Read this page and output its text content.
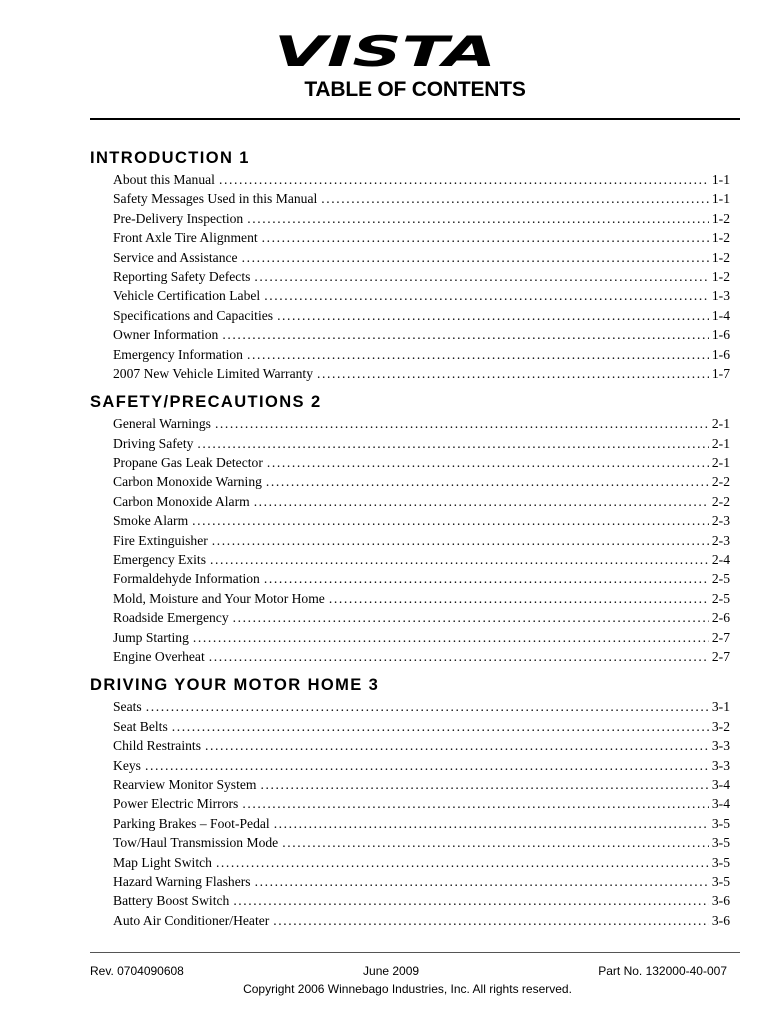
VISTA
TABLE OF CONTENTS
INTRODUCTION 1
About this Manual . . .	1-1
Safety Messages Used in this Manual . . .	1-1
Pre-Delivery Inspection . . .	1-2
Front Axle Tire Alignment . . .	1-2
Service and Assistance . . .	1-2
Reporting Safety Defects . . .	1-2
Vehicle Certification Label . . .	1-3
Specifications and Capacities . . .	1-4
Owner Information . . .	1-6
Emergency Information . . .	1-6
2007 New Vehicle Limited Warranty . . .	1-7
SAFETY/PRECAUTIONS 2
General Warnings . . .	2-1
Driving Safety . . .	2-1
Propane Gas Leak Detector . . .	2-1
Carbon Monoxide Warning . . .	2-2
Carbon Monoxide Alarm . . .	2-2
Smoke Alarm . . .	2-3
Fire Extinguisher . . .	2-3
Emergency Exits . . .	2-4
Formaldehyde Information . . .	2-5
Mold, Moisture and Your Motor Home . . .	2-5
Roadside Emergency . . .	2-6
Jump Starting . . .	2-7
Engine Overheat . . .	2-7
DRIVING YOUR MOTOR HOME 3
Seats . . .	3-1
Seat Belts . . .	3-2
Child Restraints . . .	3-3
Keys . . .	3-3
Rearview Monitor System . . .	3-4
Power Electric Mirrors . . .	3-4
Parking Brakes – Foot-Pedal . . .	3-5
Tow/Haul Transmission Mode . . .	3-5
Map Light Switch . . .	3-5
Hazard Warning Flashers . . .	3-5
Battery Boost Switch . . .	3-6
Auto Air Conditioner/Heater . . .	3-6
Rev. 0704090608	June 2009	Part No. 132000-40-007
Copyright 2006 Winnebago Industries, Inc. All rights reserved.
